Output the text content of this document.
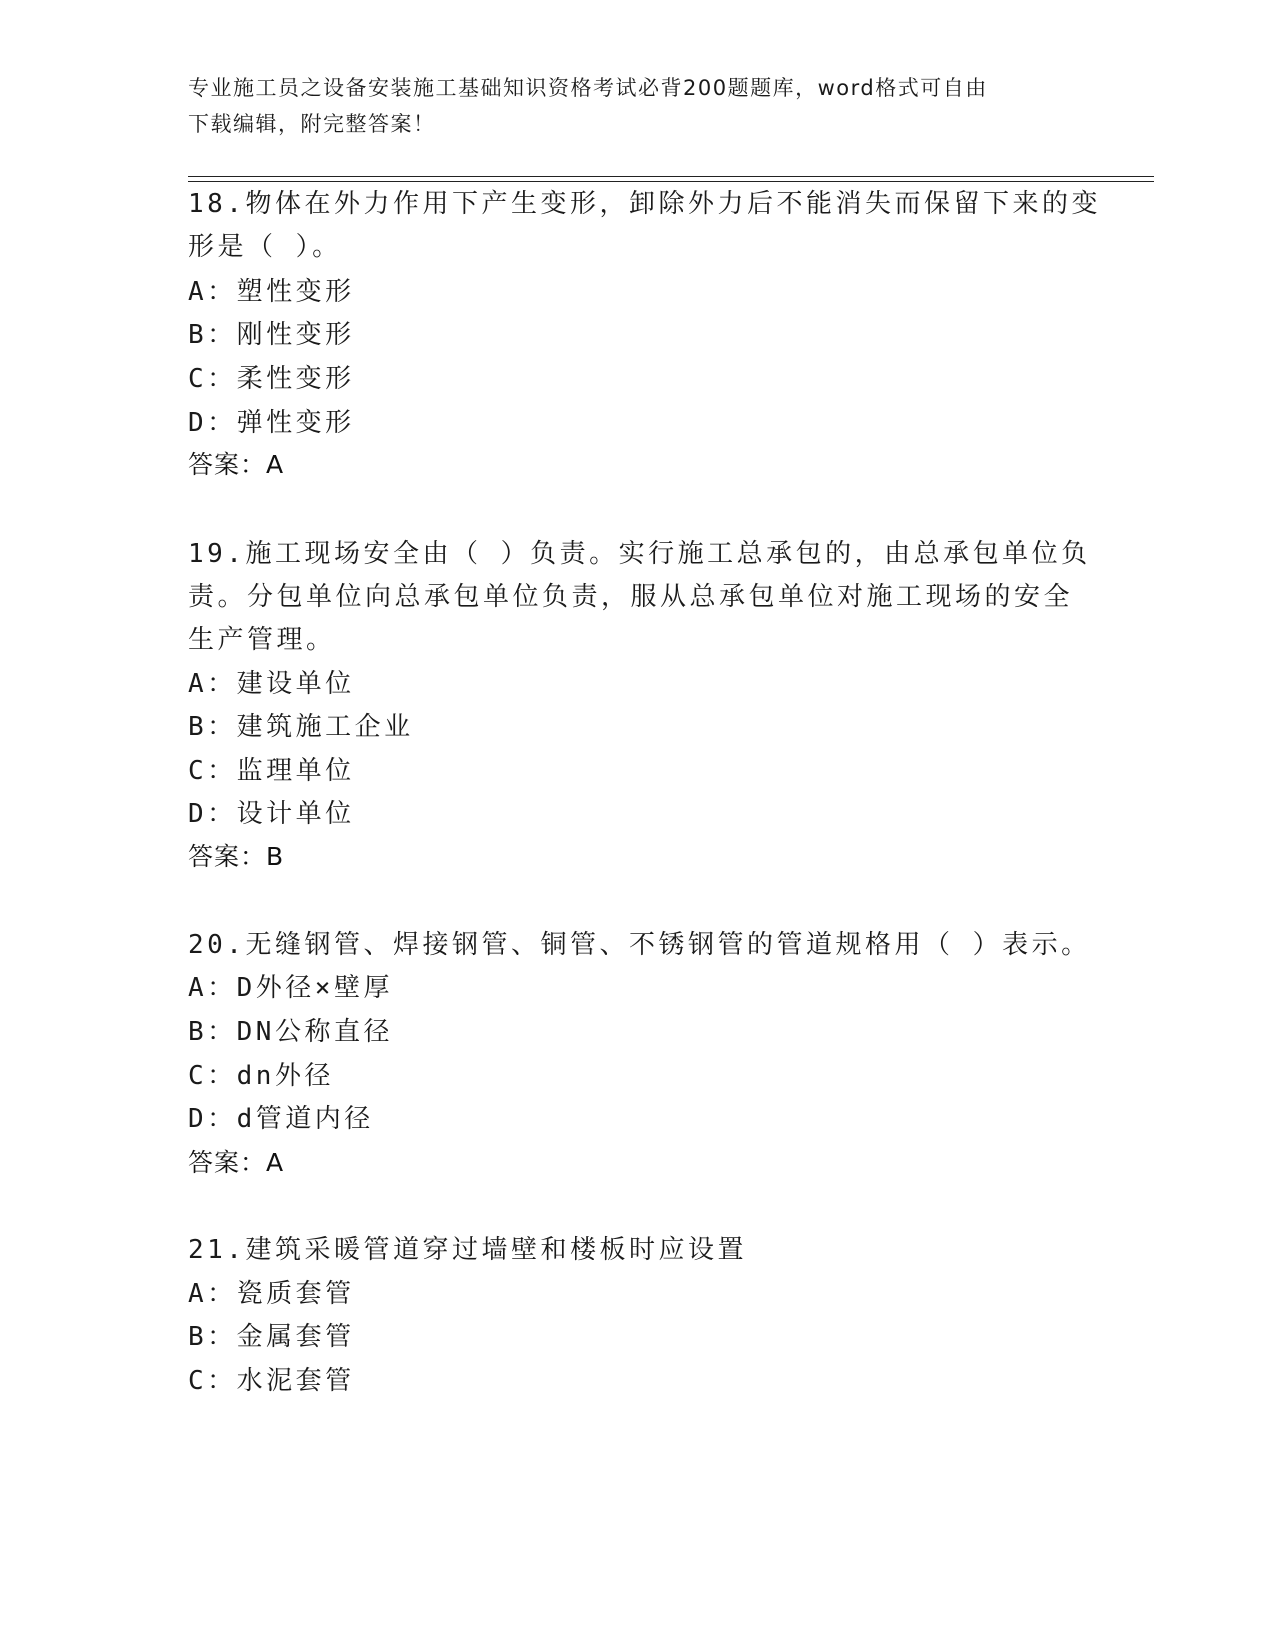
专业施工员之设备安装施工基础知识资格考试必背200题题库，word格式可自由
下载编辑，附完整答案！
18.物体在外力作用下产生变形，卸除外力后不能消失而保留下来的变
形是（ ）。
A：塑性变形
B：刚性变形
C：柔性变形
D：弹性变形
答案：A
19.施工现场安全由（ ）负责。实行施工总承包的，由总承包单位负
责。分包单位向总承包单位负责，服从总承包单位对施工现场的安全
生产管理。
A：建设单位
B：建筑施工企业
C：监理单位
D：设计单位
答案：B
20.无缝钢管、焊接钢管、铜管、不锈钢管的管道规格用（ ）表示。
A：D外径×壁厚
B：DN公称直径
C：dn外径
D：d管道内径
答案：A
21.建筑采暖管道穿过墙壁和楼板时应设置
A：瓷质套管
B：金属套管
C：水泥套管
